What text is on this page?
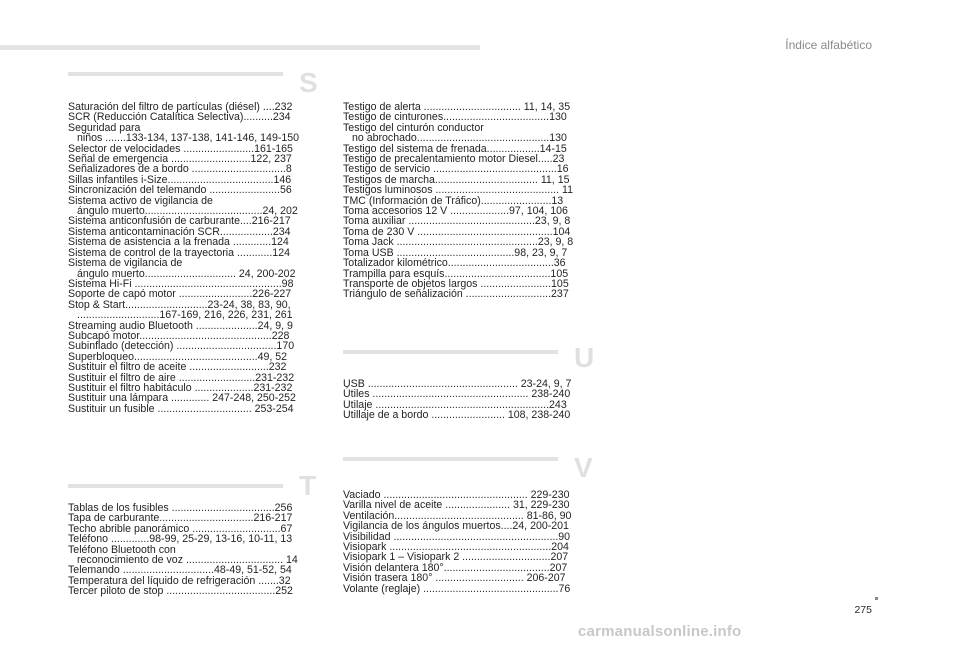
Índice alfabético
S
Saturación del filtro de partículas (diésel) ....232
SCR (Reducción Catalítica Selectiva)..........234
Seguridad para
niños .......133-134, 137-138, 141-146, 149-150
Selector de velocidades ........................161-165
Señal de emergencia ...........................122, 237
Señalizadores de a bordo ................................8
Sillas infantiles i-Size....................................146
Sincronización del telemando ........................56
Sistema activo de vigilancia de
ángulo muerto........................................24, 202
Sistema anticonfusión de carburante....216-217
Sistema anticontaminación SCR..................234
Sistema de asistencia a la frenada .............124
Sistema de control de la trayectoria ............124
Sistema de vigilancia de
ángulo muerto............................... 24, 200-202
Sistema Hi-Fi ..................................................98
Soporte de capó motor .........................226-227
Stop & Start............................23-24, 38, 83, 90,
............................167-169, 216, 226, 231, 261
Streaming audio Bluetooth .....................24, 9, 9
Subcapó motor.............................................228
Subinflado (detección) ..................................170
Superbloqueo..........................................49, 52
Sustituir el filtro de aceite ...........................232
Sustituir el filtro de aire ..........................231-232
Sustituir el filtro habitáculo ....................231-232
Sustituir una lámpara ............. 247-248, 250-252
Sustituir un fusible ................................ 253-254
Testigo de alerta ................................. 11, 14, 35
Testigo de cinturones....................................130
Testigo del cinturón conductor
no abrochado.............................................130
Testigo del sistema de frenada..................14-15
Testigo de precalentamiento motor Diesel.....23
Testigo de servicio ..........................................16
Testigos de marcha................................... 11, 15
Testigos luminosos .......................................... 11
TMC (Información de Tráfico)........................13
Toma accesorios 12 V ....................97, 104, 106
Toma auxiliar ...........................................23, 9, 8
Toma de 230 V ..............................................104
Toma Jack ................................................23, 9, 8
Toma USB ........................................98, 23, 9, 7
Totalizador kilométrico....................................36
Trampilla para esquís....................................105
Transporte de objetos largos ........................105
Triángulo de señalización .............................237
T
Tablas de los fusibles ...................................256
Tapa de carburante................................216-217
Techo abrible panorámico ..............................67
Teléfono .............98-99, 25-29, 13-16, 10-11, 13
Teléfono Bluetooth con
reconocimiento de voz ................................. 14
Telemando ...............................48-49, 51-52, 54
Temperatura del líquido de refrigeración .......32
Tercer piloto de stop .....................................252
U
USB ................................................... 23-24, 9, 7
Útiles ..................................................... 238-240
Utilaje ...........................................................243
Utillaje de a bordo ......................... 108, 238-240
V
Vaciado ................................................. 229-230
Varilla nivel de aceite ...................... 31, 229-230
Ventilación............................................ 81-86, 90
Vigilancia de los ángulos muertos....24, 200-201
Visibilidad ........................................................90
Visiopark .......................................................204
Visiopark 1 – Visiopark 2 ..............................207
Visión delantera 180°....................................207
Visión trasera 180° .............................. 206-207
Volante (reglaje) ..............................................76
275
carmanualsonline.info
